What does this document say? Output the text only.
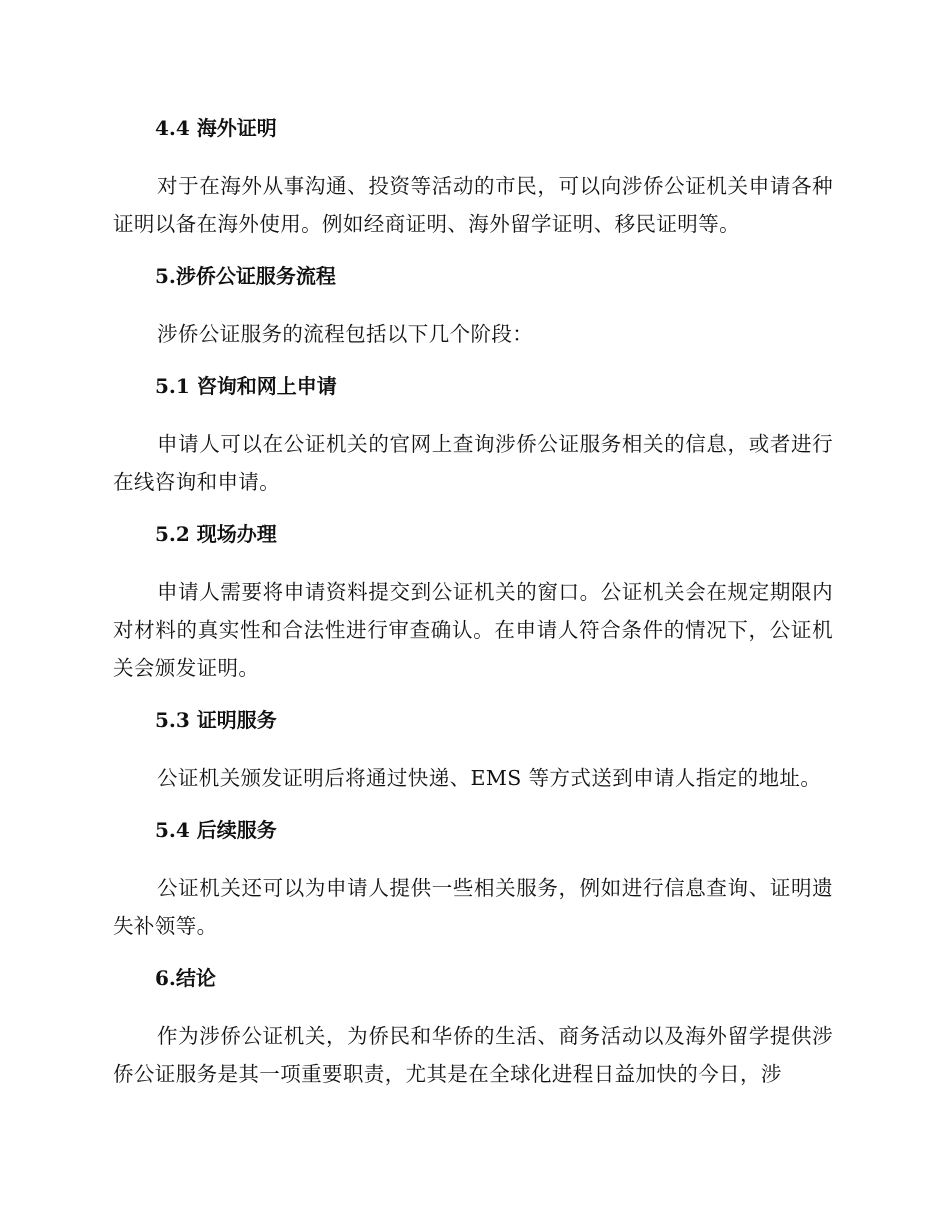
4.4 海外证明

对于在海外从事沟通、投资等活动的市民，可以向涉侨公证机关申请各种证明以备在海外使用。例如经商证明、海外留学证明、移民证明等。

5.涉侨公证服务流程

涉侨公证服务的流程包括以下几个阶段：

5.1 咨询和网上申请

申请人可以在公证机关的官网上查询涉侨公证服务相关的信息，或者进行在线咨询和申请。

5.2 现场办理

申请人需要将申请资料提交到公证机关的窗口。公证机关会在规定期限内对材料的真实性和合法性进行审查确认。在申请人符合条件的情况下，公证机关会颁发证明。

5.3 证明服务

公证机关颁发证明后将通过快递、EMS 等方式送到申请人指定的地址。

5.4 后续服务

公证机关还可以为申请人提供一些相关服务，例如进行信息查询、证明遗失补领等。

6.结论

作为涉侨公证机关，为侨民和华侨的生活、商务活动以及海外留学提供涉侨公证服务是其一项重要职责，尤其是在全球化进程日益加快的今日，涉
